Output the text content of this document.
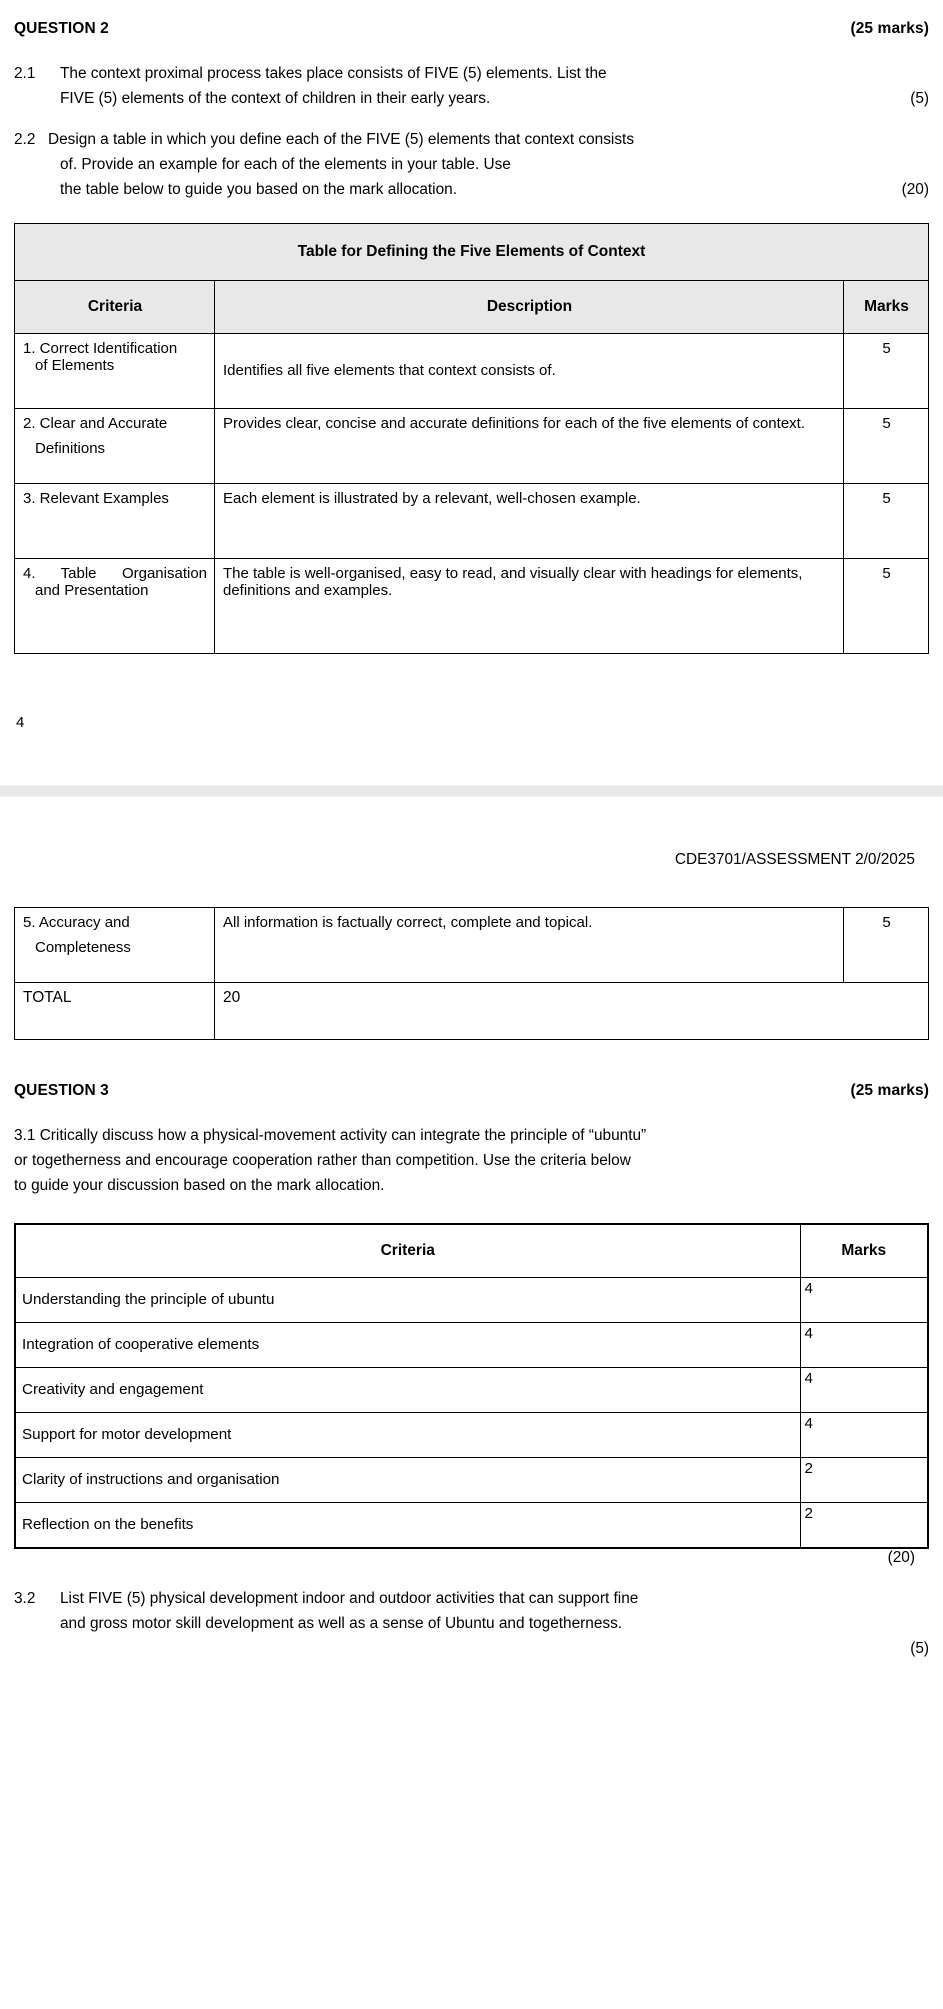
QUESTION 2	(25 marks)
2.1	The context proximal process takes place consists of FIVE (5) elements. List the
FIVE (5) elements of the context of children in their early years.	(5)
2.2 Design a table in which you define each of the FIVE (5) elements that context consists
of. Provide an example for each of the elements in your table. Use
the table below to guide you based on the mark allocation.	(20)
Table for Defining the Five Elements of Context		
Criteria	Description	Marks
1. Correct Identification
of Elements	Identifies all five elements that context consists of.	5
2. Clear and Accurate
Definitions	Provides clear, concise and accurate definitions for each of the five elements of context.	5
3. Relevant Examples	Each element is illustrated by a relevant, well-chosen example.	5

4. Table Organisation
and Presentation	The table is well-organised, easy to read, and visually clear with headings for elements, definitions and examples.	5
4
CDE3701/ASSESSMENT 2/0/2025
5. Accuracy and
Completeness	All information is factually correct, complete and topical.	5
TOTAL	20	
QUESTION 3	(25 marks)
3.1 Critically discuss how a physical-movement activity can integrate the principle of “ubuntu”
or togetherness and encourage cooperation rather than competition. Use the criteria below
to guide your discussion based on the mark allocation.
Criteria	Marks
Understanding the principle of ubuntu	4
Integration of cooperative elements	4
Creativity and engagement	4
Support for motor development	4
Clarity of instructions and organisation	2
Reflection on the benefits	2
(20)
3.2	List FIVE (5) physical development indoor and outdoor activities that can support fine
and gross motor skill development as well as a sense of Ubuntu and togetherness.

(5)
